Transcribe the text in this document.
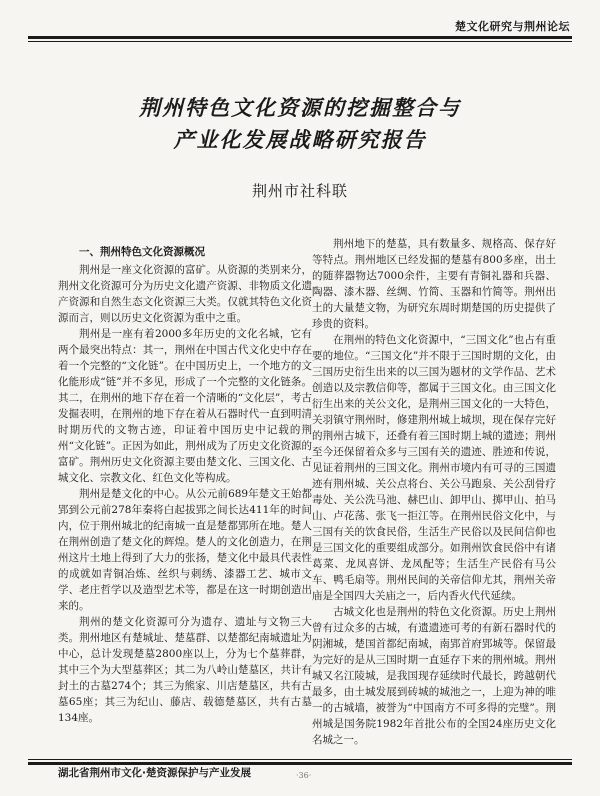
楚文化研究与荆州论坛
荆州特色文化资源的挖掘整合与
产业化发展战略研究报告
荆州市社科联
一、荆州特色文化资源概况

荆州是一座文化资源的富矿。从资源的类别来分，荆州文化资源可分为历史文化遗产资源、非物质文化遗产资源和自然生态文化资源三大类。仅就其特色文化资源而言，则以历史文化资源为重中之重。

荆州是一座有着2000多年历史的文化名城，它有两个最突出特点：其一，荆州在中国古代文化史中存在着一个完整的“文化链”。在中国历史上，一个地方的文化能形成“链”并不多见，形成了一个完整的文化链条。其二，在荆州的地下存在着一个清晰的“文化层”，考古发掘表明，在荆州的地下存在着从石器时代一直到明清时期历代的文物古迹，印证着中国历史中记载的荆州“文化链”。正因为如此，荆州成为了历史文化资源的富矿。荆州历史文化资源主要由楚文化、三国文化、古城文化、宗教文化、红色文化等构成。

荆州是楚文化的中心。从公元前689年楚文王始都郢到公元前278年秦将白起拔郢之间长达411年的时间内，位于荆州城北的纪南城一直是楚都郢所在地。楚人在荆州创造了楚文化的辉煌。楚人的文化创造力，在荆州这片土地上得到了大力的张扬，楚文化中最具代表性的成就如青铜冶炼、丝织与刺绣、漆器工艺、城市文学、老庄哲学以及造型艺术等，都是在这一时期创造出来的。

荆州的楚文化资源可分为遗存、遗址与文物三大类。荆州地区有楚城址、楚墓群、以楚都纪南城遗址为中心，总计发现楚墓2800座以上，分为七个墓葬群，其中三个为大型墓葬区；其二为八岭山楚墓区，共计有封土的古墓274个；其三为熊家、川店楚墓区，共有古墓65座；其三为纪山、藤店、载德楚墓区，共有古墓134座。

荆州地下的楚墓，具有数量多、规格高、保存好等特点。荆州地区已经发掘的楚墓有800多座，出土的随葬器物达7000余件，主要有青铜礼器和兵器、陶器、漆木器、丝绸、竹简、玉器和竹简等。荆州出土的大量楚文物，为研究东周时期楚国的历史提供了珍贵的资料。

在荆州的特色文化资源中，“三国文化”也占有重要的地位。“三国文化”并不限于三国时期的文化，由三国历史衍生出来的以三国为题材的文学作品、艺术创造以及宗教信仰等，都属于三国文化。由三国文化衍生出来的关公文化，是荆州三国文化的一大特色，关羽镇守荆州时，修建荆州城上城坝，现在保存完好的荆州古城下，还叠有着三国时期上城的遗迹；荆州至今还保留着众多与三国有关的遗迹、胜迹和传说，见证着荆州的三国文化。荆州市境内有可寻的三国遗迹有荆州城、关公点将台、关公马跑泉、关公刮骨疗毒处、关公洗马池、赫巴山、卸甲山、掷甲山、拍马山、卢花荡、张飞一拒江等。在荆州民俗文化中，与三国有关的饮食民俗，生活生产民俗以及民间信仰也是三国文化的重要组成部分。如荆州饮食民俗中有诸葛菜、龙凤喜饼、龙凤配等；生活生产民俗有马公车、鸭毛扇等。荆州民间的关帝信仰尤其，荆州关帝庙是全国四大关庙之一，后内香火代代延续。

古城文化也是荆州的特色文化资源。历史上荆州曾有过众多的古城，有遗遗迹可考的有新石器时代的阴湘城，楚国首都纪南城，南郢首府郢城等。保留最为完好的是从三国时期一直延存下来的荆州城。荆州城又名江陵城，是我国现存延续时代最长，跨越朝代最多，由土城发展到砖城的城池之一，上迎为神的唯一的古城墙，被誉为“中国南方不可多得的完璧”。荆州城是国务院1982年首批公布的全国24座历史文化名城之一。

湖北省荆州市文化·楚资源保护与产业发展	·36·
